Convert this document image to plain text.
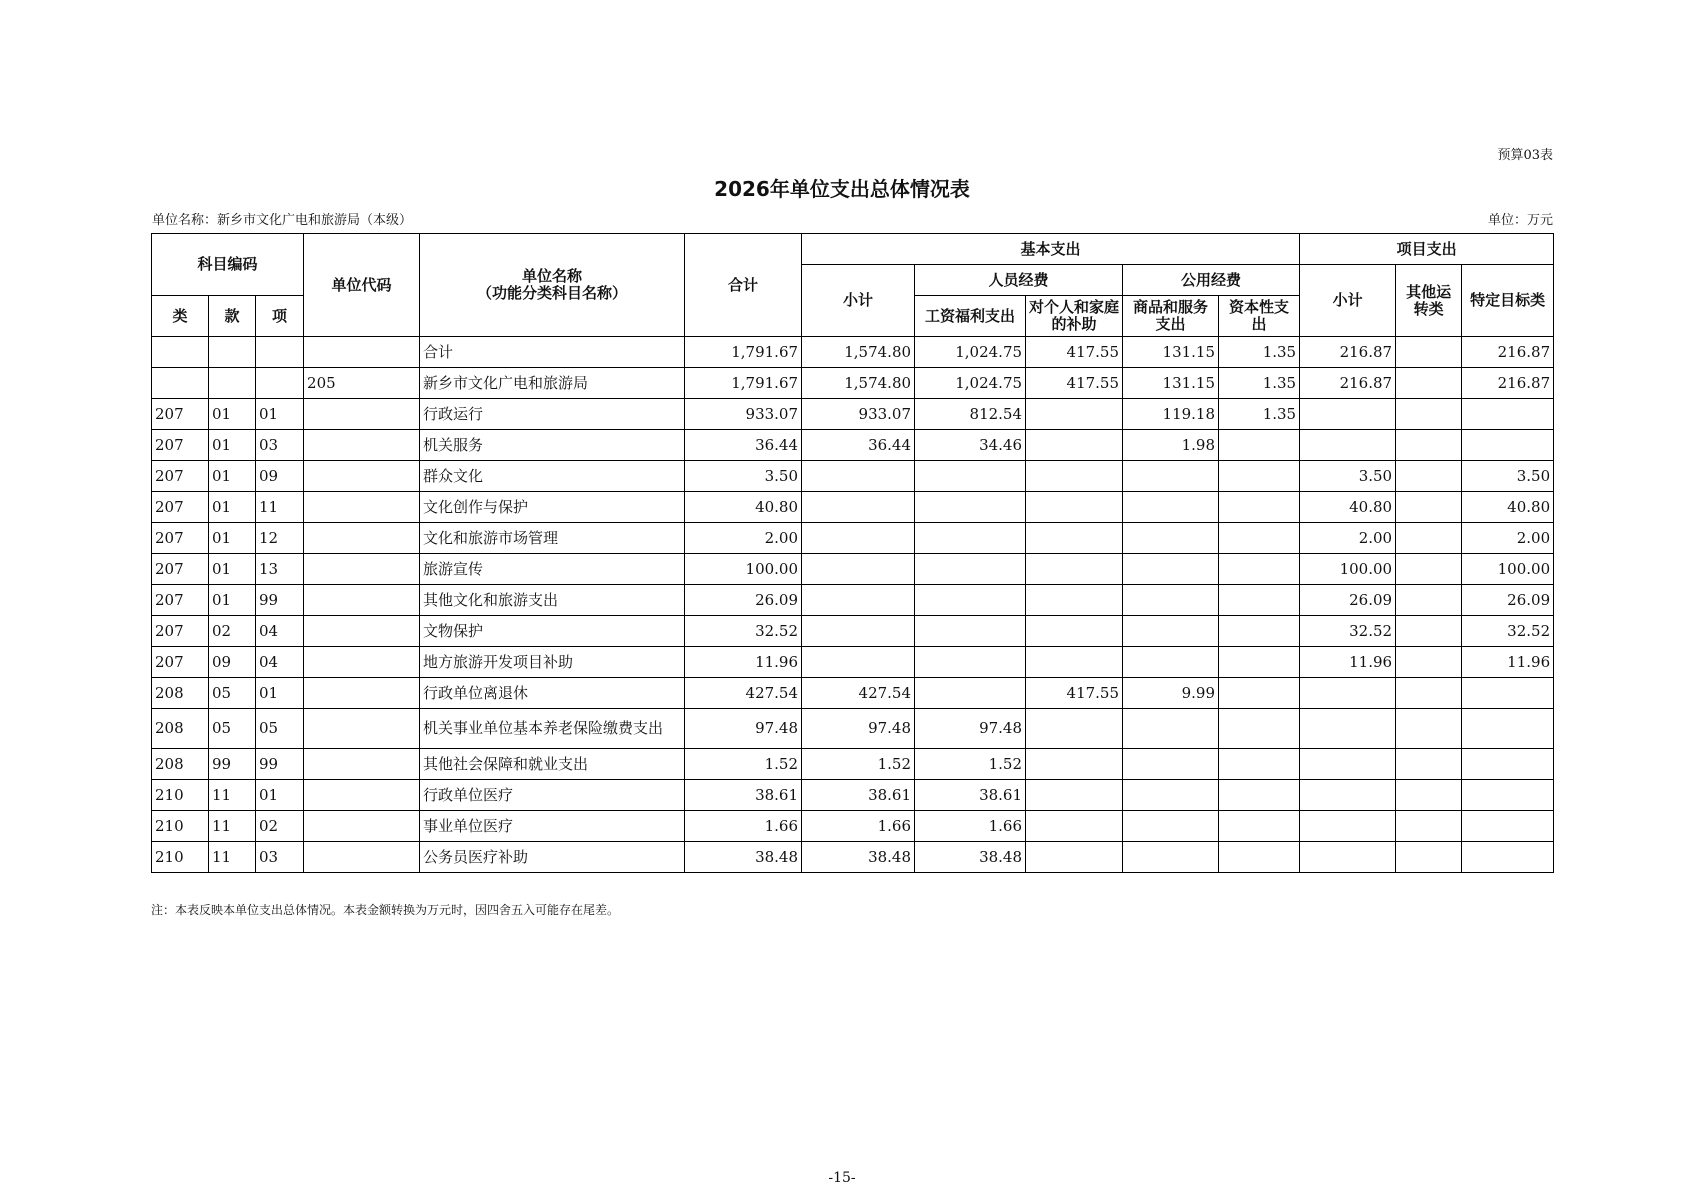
预算03表
2026年单位支出总体情况表
单位名称：新乡市文化广电和旅游局（本级）	单位：万元
科目编码			单位代码	单位名称
（功能分类科目名称）	合计	基本支出					项目支出		
						小计	人员经费		公用经费		小计	其他运转类	特定目标类
类	款	项					工资福利支出	对个人和家庭的补助	商品和服务支出	资本性支出			
				合计	1,791.67	1,574.80	1,024.75	417.55	131.15	1.35	216.87		216.87
			205	新乡市文化广电和旅游局	1,791.67	1,574.80	1,024.75	417.55	131.15	1.35	216.87		216.87
207	01	01		行政运行	933.07	933.07	812.54		119.18	1.35			
207	01	03		机关服务	36.44	36.44	34.46		1.98				
207	01	09		群众文化	3.50						3.50		3.50
207	01	11		文化创作与保护	40.80						40.80		40.80
207	01	12		文化和旅游市场管理	2.00						2.00		2.00
207	01	13		旅游宣传	100.00						100.00		100.00
207	01	99		其他文化和旅游支出	26.09						26.09		26.09
207	02	04		文物保护	32.52						32.52		32.52
207	09	04		地方旅游开发项目补助	11.96						11.96		11.96
208	05	01		行政单位离退休	427.54	427.54		417.55	9.99				
208	05	05		机关事业单位基本养老保险缴费支出	97.48	97.48	97.48						
208	99	99		其他社会保障和就业支出	1.52	1.52	1.52						
210	11	01		行政单位医疗	38.61	38.61	38.61						
210	11	02		事业单位医疗	1.66	1.66	1.66						
210	11	03		公务员医疗补助	38.48	38.48	38.48						
注：本表反映本单位支出总体情况。本表金额转换为万元时，因四舍五入可能存在尾差。
-15-
